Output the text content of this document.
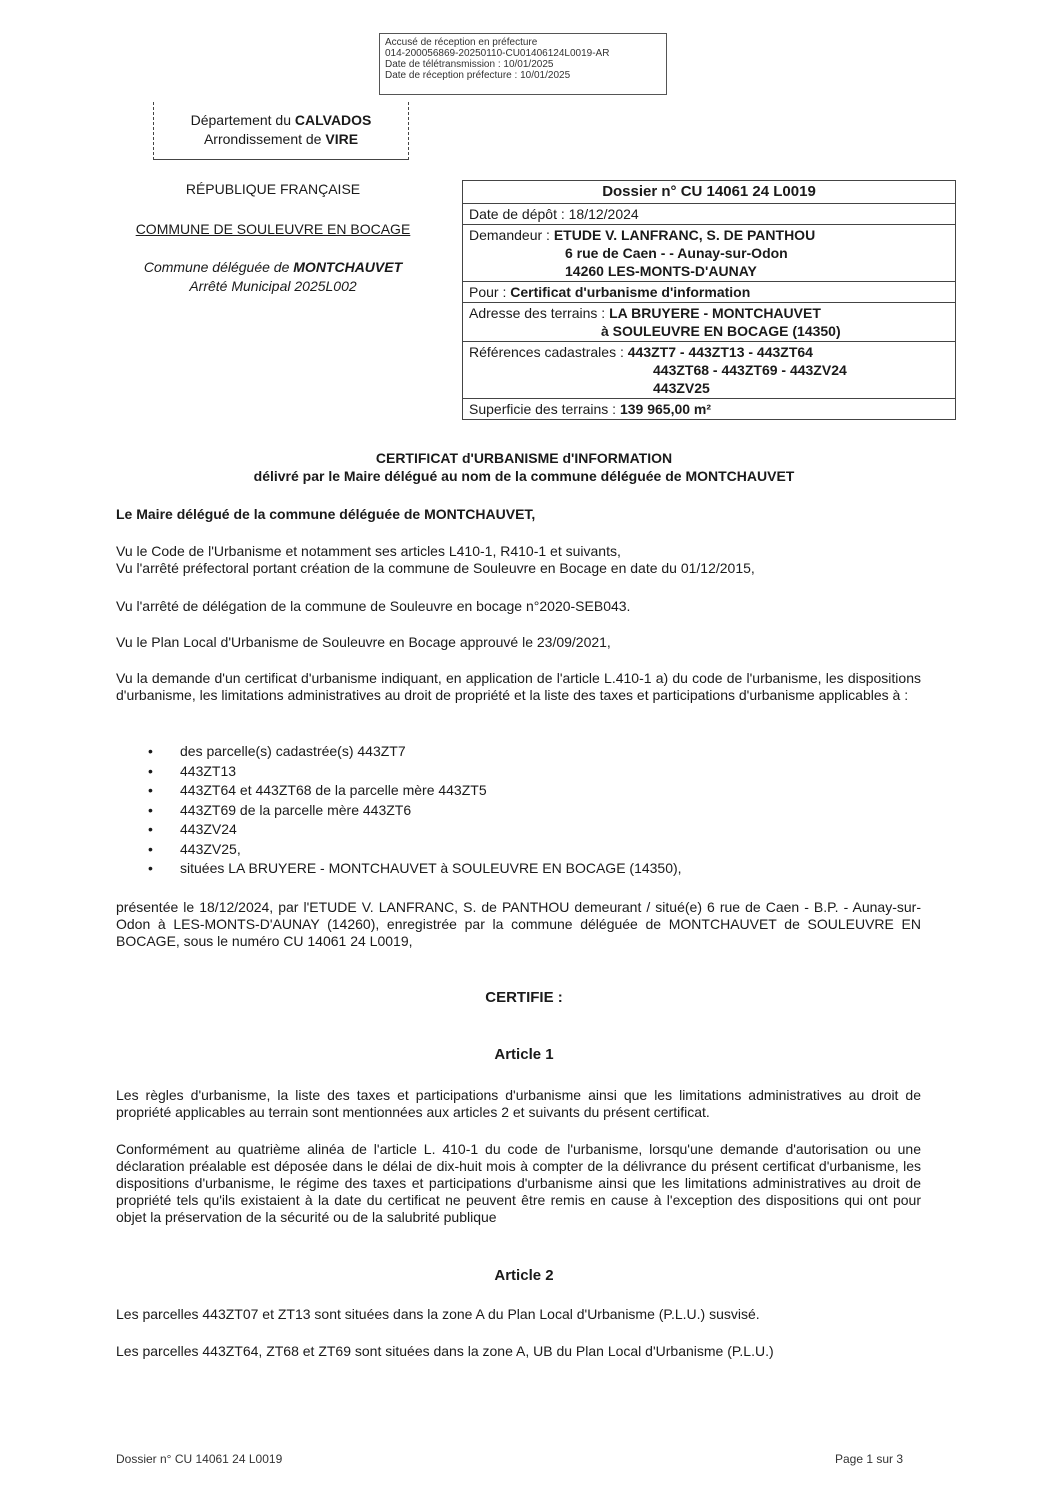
Accusé de réception en préfecture
014-200056869-20250110-CU01406124L0019-AR
Date de télétransmission : 10/01/2025
Date de réception préfecture : 10/01/2025
Département du CALVADOS
Arrondissement de VIRE
RÉPUBLIQUE FRANÇAISE
COMMUNE DE SOULEUVRE EN BOCAGE
Commune déléguée de MONTCHAUVET
Arrêté Municipal 2025L002
Dossier n° CU 14061 24 L0019
Date de dépôt : 18/12/2024
Demandeur : ETUDE V. LANFRANC, S. DE PANTHOU
6 rue de Caen - - Aunay-sur-Odon
14260 LES-MONTS-D'AUNAY
Pour : Certificat d'urbanisme d'information
Adresse des terrains : LA BRUYERE - MONTCHAUVET
à SOULEUVRE EN BOCAGE (14350)
Références cadastrales : 443ZT7 - 443ZT13 - 443ZT64
443ZT68 - 443ZT69 - 443ZV24
443ZV25
Superficie des terrains : 139 965,00 m²
CERTIFICAT d'URBANISME d'INFORMATION
délivré par le Maire délégué au nom de la commune déléguée de MONTCHAUVET
Le Maire délégué de la commune déléguée de MONTCHAUVET,

Vu le Code de l'Urbanisme et notamment ses articles L410-1, R410-1 et suivants,

Vu l'arrêté préfectoral portant création de la commune de Souleuvre en Bocage en date du 01/12/2015,

Vu l'arrêté de délégation de la commune de Souleuvre en bocage n°2020-SEB043.
Vu le Plan Local d'Urbanisme de Souleuvre en Bocage approuvé le 23/09/2021,
Vu la demande d'un certificat d'urbanisme indiquant, en application de l'article L.410-1 a) du code de l'urbanisme, les dispositions d'urbanisme, les limitations administratives au droit de propriété et la liste des taxes et participations d'urbanisme applicables à :
• des parcelle(s) cadastrée(s) 443ZT7
• 443ZT13
• 443ZT64 et 443ZT68 de la parcelle mère 443ZT5
• 443ZT69 de la parcelle mère 443ZT6
• 443ZV24
• 443ZV25,
• situées LA BRUYERE - MONTCHAUVET à SOULEUVRE EN BOCAGE (14350),
présentée le 18/12/2024, par l'ETUDE V. LANFRANC, S. de PANTHOU demeurant / situé(e) 6 rue de Caen - B.P. - Aunay-sur-Odon à LES-MONTS-D'AUNAY (14260), enregistrée par la commune déléguée de MONTCHAUVET de SOULEUVRE EN BOCAGE, sous le numéro CU 14061 24 L0019,
CERTIFIE :
Article 1
Les règles d'urbanisme, la liste des taxes et participations d'urbanisme ainsi que les limitations administratives au droit de propriété applicables au terrain sont mentionnées aux articles 2 et suivants du présent certificat.
Conformément au quatrième alinéa de l'article L. 410-1 du code de l'urbanisme, lorsqu'une demande d'autorisation ou une déclaration préalable est déposée dans le délai de dix-huit mois à compter de la délivrance du présent certificat d'urbanisme, les dispositions d'urbanisme, le régime des taxes et participations d'urbanisme ainsi que les limitations administratives au droit de propriété tels qu'ils existaient à la date du certificat ne peuvent être remis en cause à l'exception des dispositions qui ont pour objet la préservation de la sécurité ou de la salubrité publique
Article 2
Les parcelles 443ZT07 et ZT13 sont situées dans la zone A du Plan Local d'Urbanisme (P.L.U.) susvisé.
Les parcelles 443ZT64, ZT68 et ZT69 sont situées dans la zone A, UB du Plan Local d'Urbanisme (P.L.U.)
Dossier n° CU 14061 24 L0019	Page 1 sur 3
